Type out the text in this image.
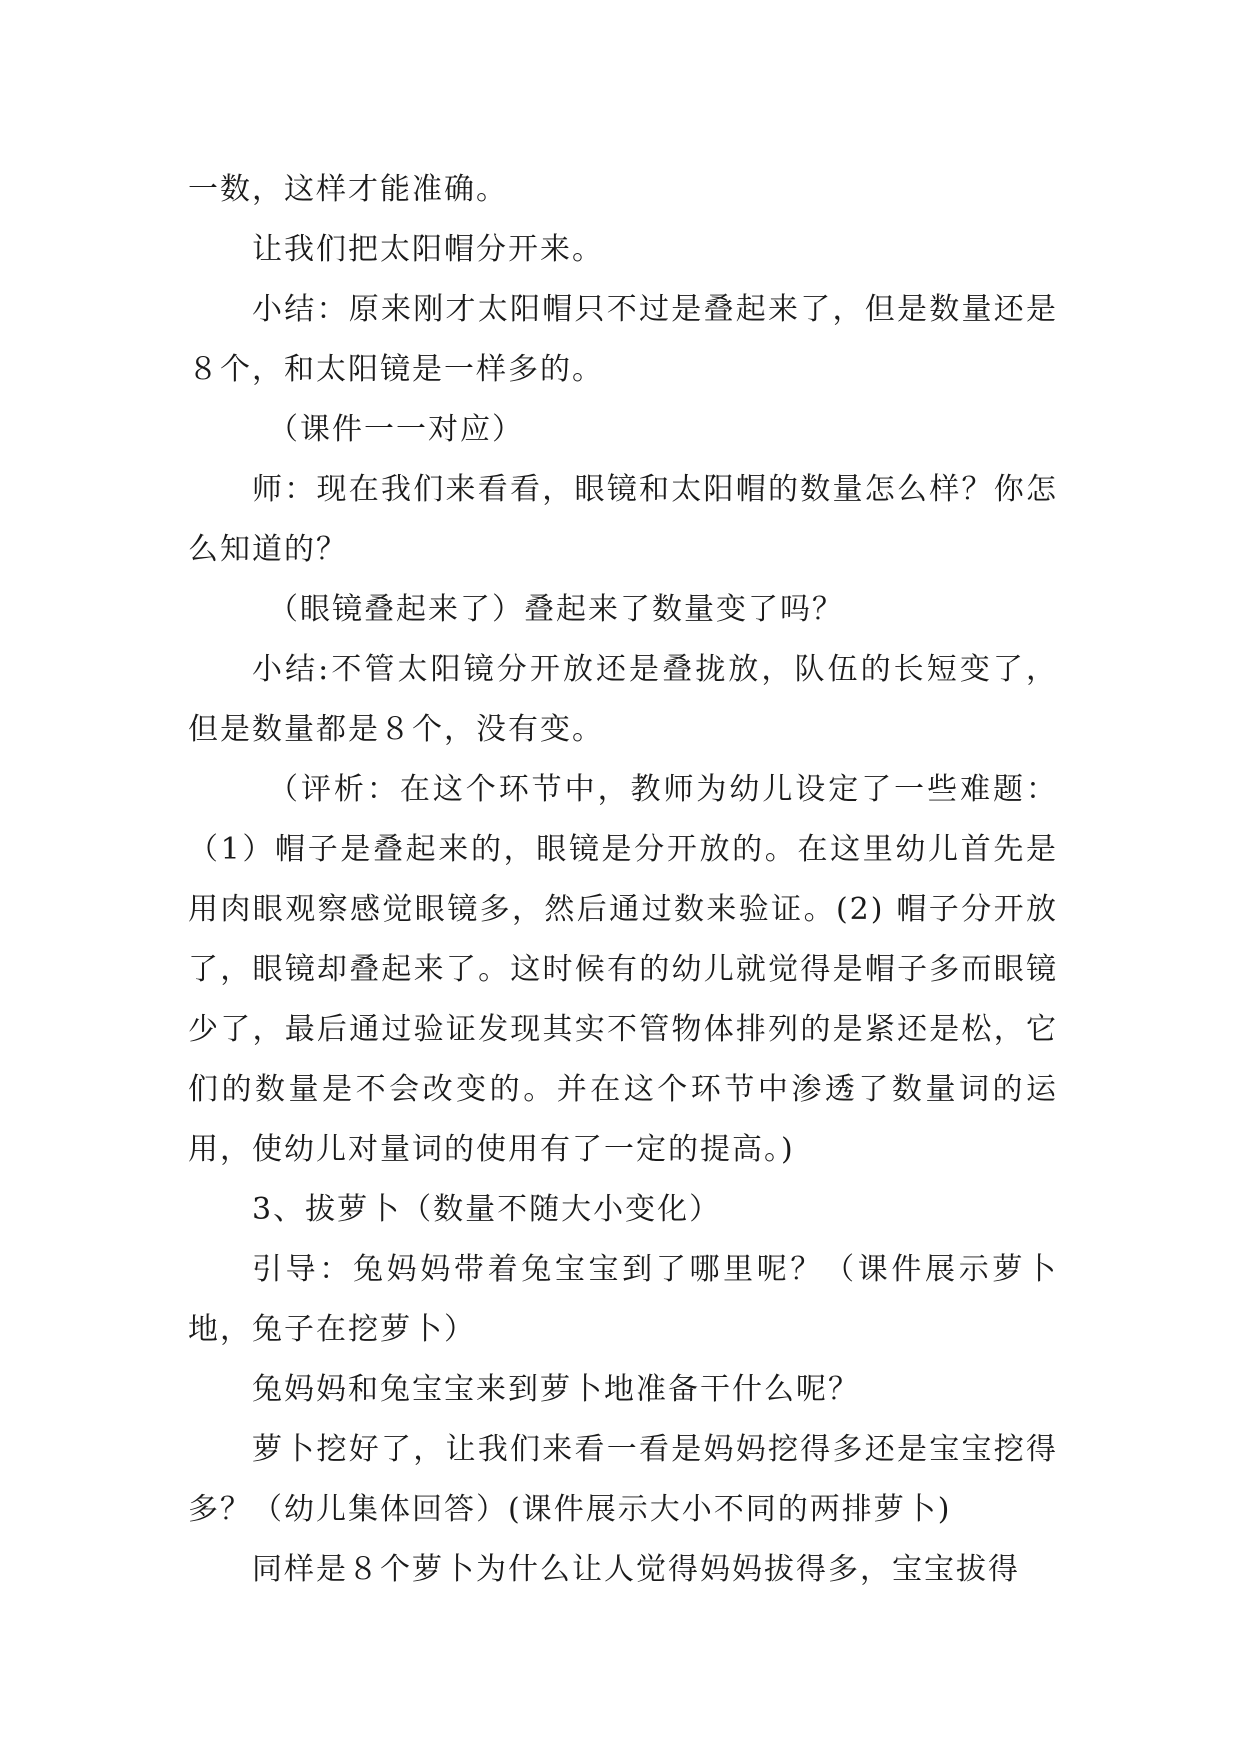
一数，这样才能准确。

让我们把太阳帽分开来。

小结：原来刚才太阳帽只不过是叠起来了，但是数量还是８个，和太阳镜是一样多的。

（课件一一对应）

师：现在我们来看看，眼镜和太阳帽的数量怎么样？你怎么知道的？

（眼镜叠起来了）叠起来了数量变了吗？

小结:不管太阳镜分开放还是叠拢放，队伍的长短变了，但是数量都是８个，没有变。

（评析：在这个环节中，教师为幼儿设定了一些难题：（1）帽子是叠起来的，眼镜是分开放的。在这里幼儿首先是用肉眼观察感觉眼镜多，然后通过数来验证。(2) 帽子分开放了，眼镜却叠起来了。这时候有的幼儿就觉得是帽子多而眼镜少了，最后通过验证发现其实不管物体排列的是紧还是松，它们的数量是不会改变的。并在这个环节中渗透了数量词的运用，使幼儿对量词的使用有了一定的提高。)

3、拔萝卜（数量不随大小变化）

引导：兔妈妈带着兔宝宝到了哪里呢？（课件展示萝卜地，兔子在挖萝卜）

兔妈妈和兔宝宝来到萝卜地准备干什么呢？

萝卜挖好了，让我们来看一看是妈妈挖得多还是宝宝挖得多？（幼儿集体回答）(课件展示大小不同的两排萝卜)

同样是８个萝卜为什么让人觉得妈妈拔得多，宝宝拔得
